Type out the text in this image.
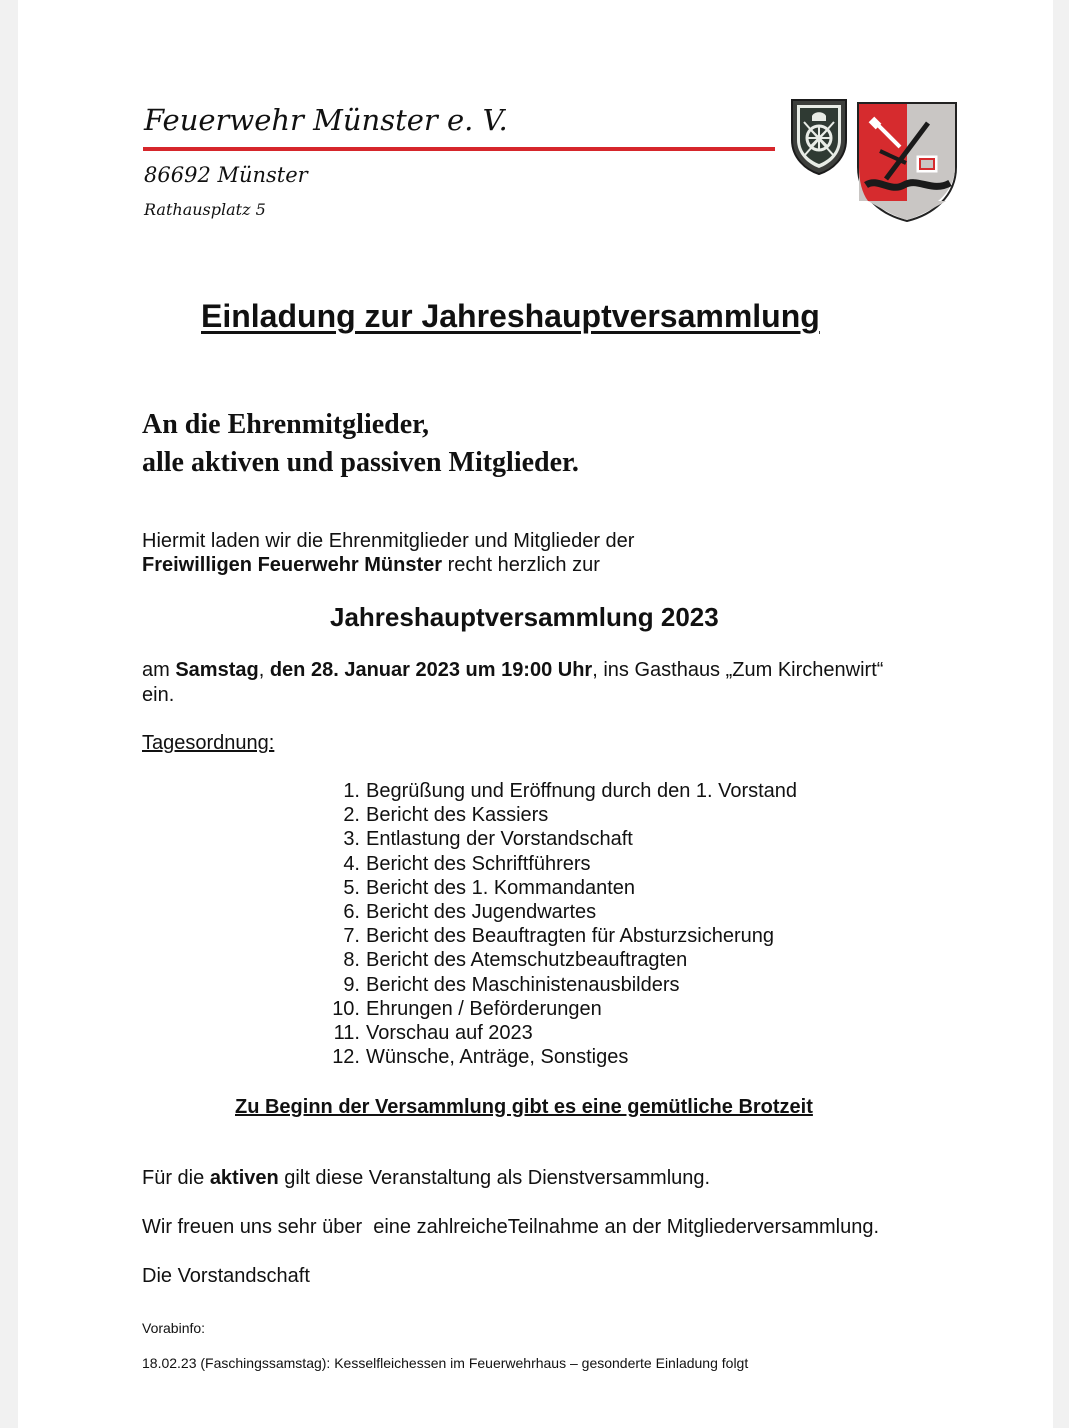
Feuerwehr Münster e. V.
86692 Münster
Rathausplatz 5
Einladung zur Jahreshauptversammlung
An die Ehrenmitglieder,
alle aktiven und passiven Mitglieder.
Hiermit laden wir die Ehrenmitglieder und Mitglieder der
Freiwilligen Feuerwehr Münster recht herzlich zur
Jahreshauptversammlung 2023
am Samstag, den 28. Januar 2023 um 19:00 Uhr, ins Gasthaus „Zum Kirchenwirt“
ein.
Tagesordnung:
1. Begrüßung und Eröffnung durch den 1. Vorstand
2. Bericht des Kassiers
3. Entlastung der Vorstandschaft
4. Bericht des Schriftführers
5. Bericht des 1. Kommandanten
6. Bericht des Jugendwartes
7. Bericht des Beauftragten für Absturzsicherung
8. Bericht des Atemschutzbeauftragten
9. Bericht des Maschinistenausbilders
10. Ehrungen / Beförderungen
11. Vorschau auf 2023
12. Wünsche, Anträge, Sonstiges
Zu Beginn der Versammlung gibt es eine gemütliche Brotzeit
Für die aktiven gilt diese Veranstaltung als Dienstversammlung.
Wir freuen uns sehr über  eine zahlreicheTeilnahme an der Mitgliederversammlung.
Die Vorstandschaft
Vorabinfo:
18.02.23 (Faschingssamstag): Kesselfleichessen im Feuerwehrhaus – gesonderte Einladung folgt
